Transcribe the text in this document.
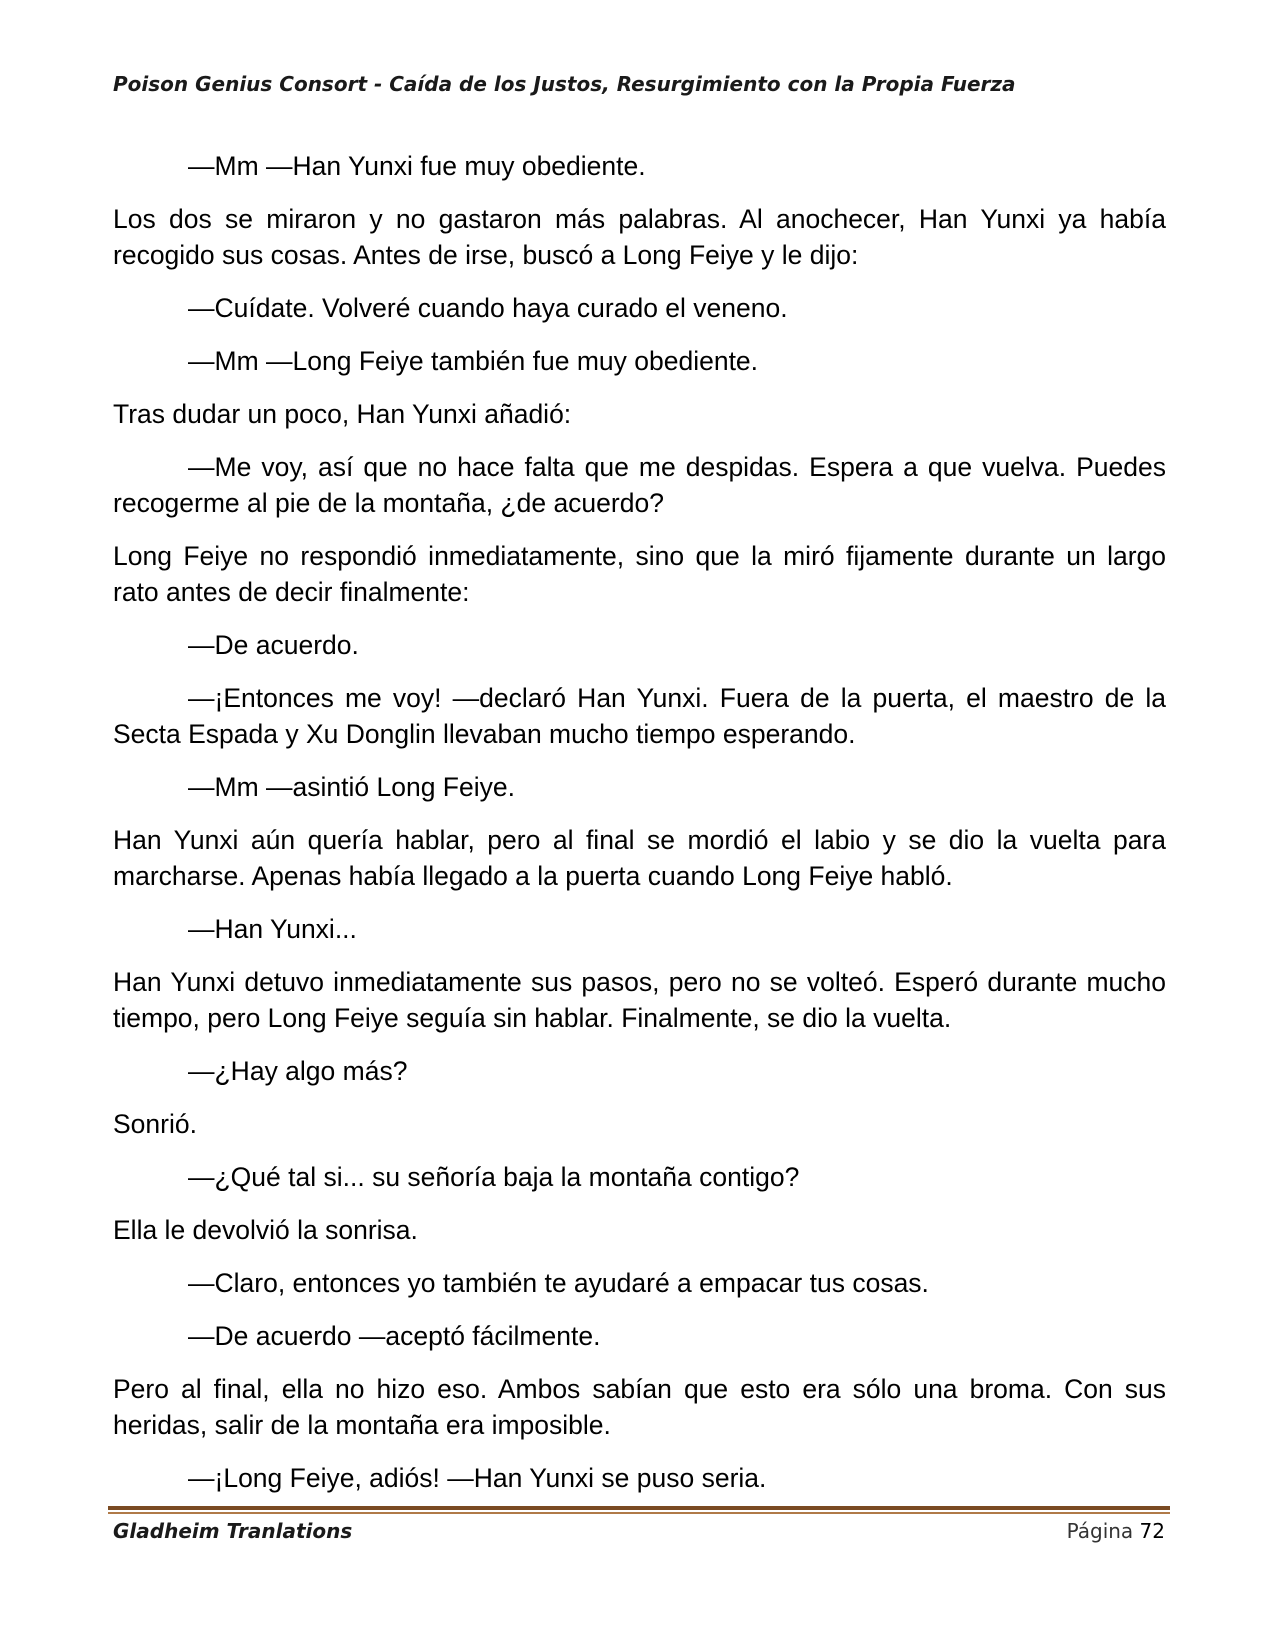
Poison Genius Consort - Caída de los Justos, Resurgimiento con la Propia Fuerza

—Mm —Han Yunxi fue muy obediente.

Los dos se miraron y no gastaron más palabras. Al anochecer, Han Yunxi ya había recogido sus cosas. Antes de irse, buscó a Long Feiye y le dijo:

—Cuídate. Volveré cuando haya curado el veneno.

—Mm —Long Feiye también fue muy obediente.

Tras dudar un poco, Han Yunxi añadió:

—Me voy, así que no hace falta que me despidas. Espera a que vuelva. Puedes recogerme al pie de la montaña, ¿de acuerdo?

Long Feiye no respondió inmediatamente, sino que la miró fijamente durante un largo rato antes de decir finalmente:

—De acuerdo.

—¡Entonces me voy! —declaró Han Yunxi. Fuera de la puerta, el maestro de la Secta Espada y Xu Donglin llevaban mucho tiempo esperando.

—Mm —asintió Long Feiye.

Han Yunxi aún quería hablar, pero al final se mordió el labio y se dio la vuelta para marcharse. Apenas había llegado a la puerta cuando Long Feiye habló.

—Han Yunxi...

Han Yunxi detuvo inmediatamente sus pasos, pero no se volteó. Esperó durante mucho tiempo, pero Long Feiye seguía sin hablar. Finalmente, se dio la vuelta.

—¿Hay algo más?

Sonrió.

—¿Qué tal si... su señoría baja la montaña contigo?

Ella le devolvió la sonrisa.

—Claro, entonces yo también te ayudaré a empacar tus cosas.

—De acuerdo —aceptó fácilmente.

Pero al final, ella no hizo eso. Ambos sabían que esto era sólo una broma. Con sus heridas, salir de la montaña era imposible.

—¡Long Feiye, adiós! —Han Yunxi se puso seria.

Gladheim Tranlations	Página 72
